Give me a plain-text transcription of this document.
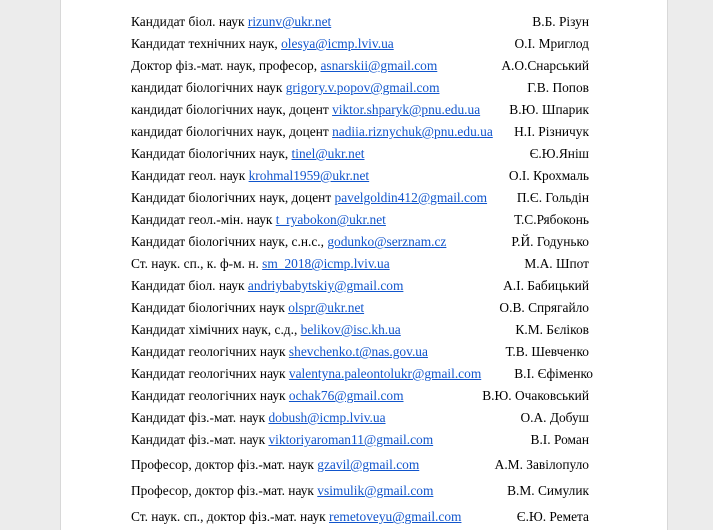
Кандидат біол. наук rizunv@ukr.net	В.Б. Різун
Кандидат технічних наук, olesya@icmp.lviv.ua	О.І. Мриглод
Доктор фіз.-мат. наук, професор, asnarskii@gmail.com	А.О.Снарський
кандидат біологічних наук grigory.v.popov@gmail.com	Г.В. Попов
кандидат біологічних наук, доцент viktor.shparyk@pnu.edu.ua В.Ю. Шпарик
кандидат біологічних наук, доцент nadiia.riznychuk@pnu.edu.ua Н.І. Різничук
Кандидат біологічних наук, tinel@ukr.net	Є.Ю.Яніш
Кандидат геол. наук krohmal1959@ukr.net	О.І. Крохмаль
Кандидат біологічних наук, доцент pavelgoldin412@gmail.com П.Є. Гольдін
Кандидат геол.-мін. наук t_ryabokon@ukr.net	Т.С.Рябоконь
Кандидат біологічних наук, с.н.с., godunko@serznam.cz	Р.Й. Годунько
Ст. наук. сп., к. ф-м. н. sm_2018@icmp.lviv.ua	М.А. Шпот
Кандидат біол. наук andriybabytskiy@gmail.com	А.І. Бабицький
Кандидат біологічних наук olspr@ukr.net	О.В. Спрягайло
Кандидат хімічних наук, с.д., belikov@isc.kh.ua	К.М. Бєліков
Кандидат геологічних наук shevchenko.t@nas.gov.ua	Т.В. Шевченко
Кандидат геологічних наук valentyna.paleontolukr@gmail.com В.І. Єфіменко
Кандидат геологічних наук ochak76@gmail.com	В.Ю. Очаковський
Кандидат фіз.-мат. наук dobush@icmp.lviv.ua	О.А. Добуш
Кандидат фіз.-мат. наук viktoriyaroman11@gmail.com	В.І. Роман
Професор, доктор фіз.-мат. наук gzavil@gmail.com	А.М. Завілопуло
Професор, доктор фіз.-мат. наук vsimulik@gmail.com	В.М. Симулик
Ст. наук. сп., доктор фіз.-мат. наук remetoveyu@gmail.com	Є.Ю. Ремета
